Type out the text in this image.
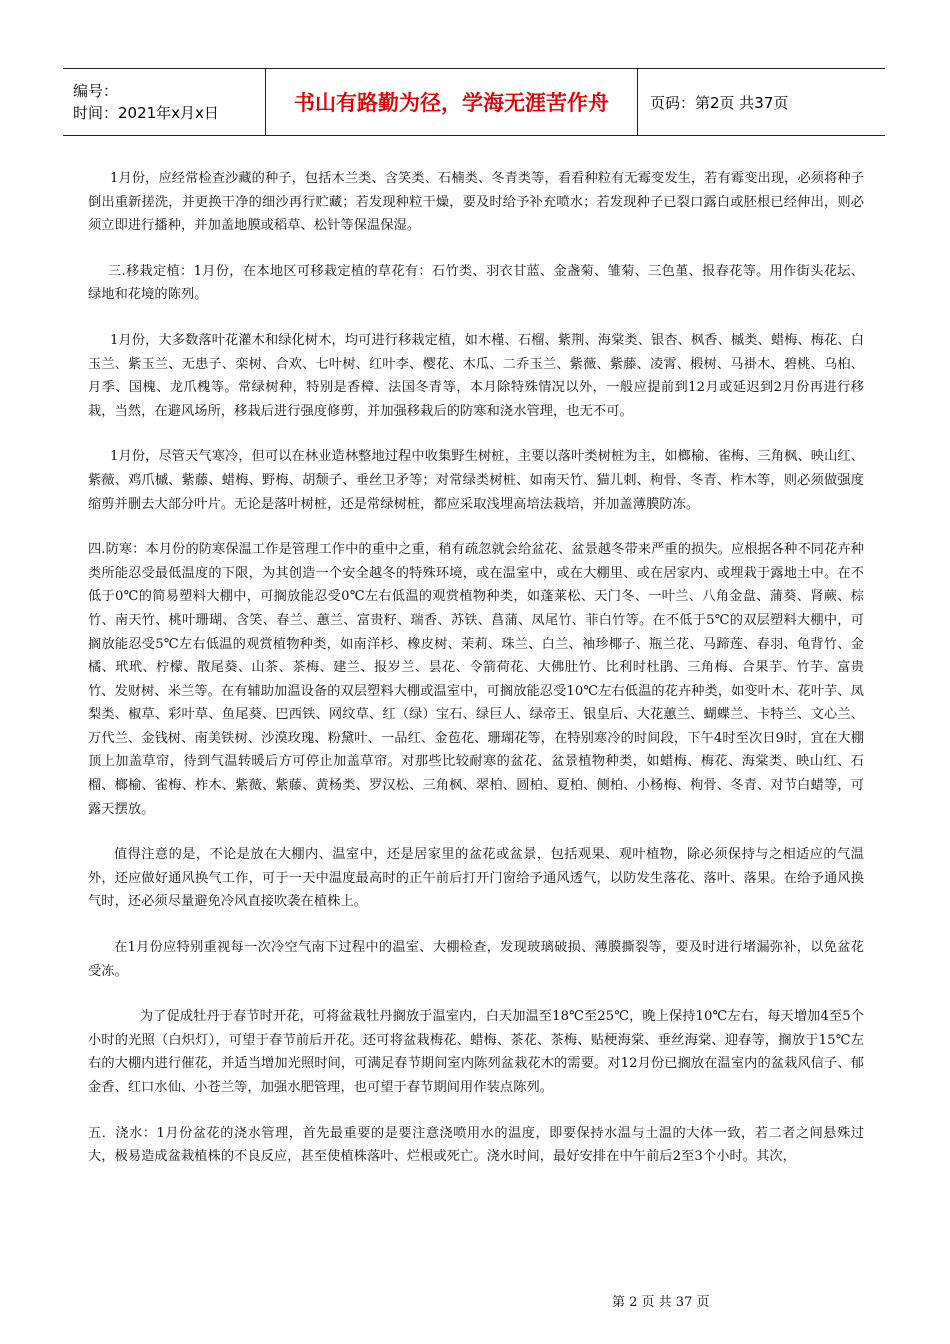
编号：
时间：2021年x月x日	书山有路勤为径，学海无涯苦作舟	页码：第2页 共37页

1月份，应经常检查沙藏的种子，包括木兰类、含笑类、石楠类、冬青类等，看看种粒有无霉变发生，若有霉变出现，必须将种子倒出重新搓洗，并更换干净的细沙再行贮藏；若发现种粒干燥，要及时给予补充喷水；若发现种子已裂口露白或胚根已经伸出，则必须立即进行播种，并加盖地膜或稻草、松针等保温保湿。

三.移栽定植：1月份，在本地区可移栽定植的草花有：石竹类、羽衣甘蓝、金盏菊、雏菊、三色堇、报春花等。用作街头花坛、绿地和花境的陈列。

1月份，大多数落叶花灌木和绿化树木，均可进行移栽定植，如木槿、石榴、紫荆、海棠类、银杏、枫香、槭类、蜡梅、梅花、白玉兰、紫玉兰、无患子、栾树、合欢、七叶树、红叶李、樱花、木瓜、二乔玉兰、紫薇、紫藤、凌霄、椴树、马褂木、碧桃、乌桕、月季、国槐、龙爪槐等。常绿树种，特别是香樟、法国冬青等，本月除特殊情况以外，一般应提前到12月或延迟到2月份再进行移栽，当然，在避风场所，移栽后进行强度修剪，并加强移栽后的防寒和浇水管理，也无不可。

1月份，尽管天气寒冷，但可以在林业造林整地过程中收集野生树桩，主要以落叶类树桩为主，如榔榆、雀梅、三角枫、映山红、紫薇、鸡爪槭、紫藤、蜡梅、野梅、胡颓子、垂丝卫矛等；对常绿类树桩、如南天竹、猫儿刺、枸骨、冬青、柞木等，则必须做强度缩剪并删去大部分叶片。无论是落叶树桩，还是常绿树桩，都应采取浅埋高培法栽培，并加盖薄膜防冻。

四.防寒：本月份的防寒保温工作是管理工作中的重中之重，稍有疏忽就会给盆花、盆景越冬带来严重的损失。应根据各种不同花卉种类所能忍受最低温度的下限，为其创造一个安全越冬的特殊环境，或在温室中，或在大棚里、或在居家内、或埋栽于露地土中。在不低于0℃的简易塑料大棚中，可搁放能忍受0℃左右低温的观赏植物种类，如蓬莱松、天门冬、一叶兰、八角金盘、蒲葵、肾蕨、棕竹、南天竹、桃叶珊瑚、含笑、春兰、蕙兰、富贵籽、瑞香、苏铁、菖蒲、凤尾竹、菲白竹等。在不低于5℃的双层塑料大棚中，可搁放能忍受5℃左右低温的观赏植物种类，如南洋杉、橡皮树、茉莉、珠兰、白兰、袖珍椰子、瓶兰花、马蹄莲、春羽、龟背竹、金橘、玳玳、柠檬、散尾葵、山茶、茶梅、建兰、报岁兰、昙花、令箭荷花、大佛肚竹、比利时杜鹃、三角梅、合果芋、竹芋、富贵竹、发财树、米兰等。在有辅助加温设备的双层塑料大棚或温室中，可搁放能忍受10℃左右低温的花卉种类，如变叶木、花叶芋、凤梨类、椒草、彩叶草、鱼尾葵、巴西铁、网纹草、红（绿）宝石、绿巨人、绿帝王、银皇后、大花蕙兰、蝴蝶兰、卡特兰、文心兰、万代兰、金钱树、南美铁树、沙漠玫瑰、粉黛叶、一品红、金苞花、珊瑚花等，在特别寒冷的时间段，下午4时至次日9时，宜在大棚顶上加盖草帘，待到气温转暖后方可停止加盖草帘。对那些比较耐寒的盆花、盆景植物种类，如蜡梅、梅花、海棠类、映山红、石榴、榔榆、雀梅、柞木、紫薇、紫藤、黄杨类、罗汉松、三角枫、翠柏、圆柏、夏柏、侧柏、小杨梅、枸骨、冬青、对节白蜡等，可露天摆放。

值得注意的是，不论是放在大棚内、温室中，还是居家里的盆花或盆景，包括观果、观叶植物，除必须保持与之相适应的气温外，还应做好通风换气工作，可于一天中温度最高时的正午前后打开门窗给予通风透气，以防发生落花、落叶、落果。在给予通风换气时，还必须尽量避免冷风直接吹袭在植株上。

在1月份应特别重视每一次冷空气南下过程中的温室、大棚检查，发现玻璃破损、薄膜撕裂等，要及时进行堵漏弥补，以免盆花受冻。

为了促成牡丹于春节时开花，可将盆栽牡丹搁放于温室内，白天加温至18℃至25℃，晚上保持10℃左右，每天增加4至5个小时的光照（白炽灯），可望于春节前后开花。还可将盆栽梅花、蜡梅、茶花、茶梅、贴梗海棠、垂丝海棠、迎春等，搁放于15℃左右的大棚内进行催花，并适当增加光照时间，可满足春节期间室内陈列盆栽花木的需要。对12月份已搁放在温室内的盆栽风信子、郁金香、红口水仙、小苍兰等，加强水肥管理，也可望于春节期间用作装点陈列。

五．浇水：1月份盆花的浇水管理，首先最重要的是要注意浇喷用水的温度，即要保持水温与土温的大体一致，若二者之间悬殊过大，极易造成盆栽植株的不良反应，甚至使植株落叶、烂根或死亡。浇水时间，最好安排在中午前后2至3个小时。其次，

第 2 页 共 37 页
